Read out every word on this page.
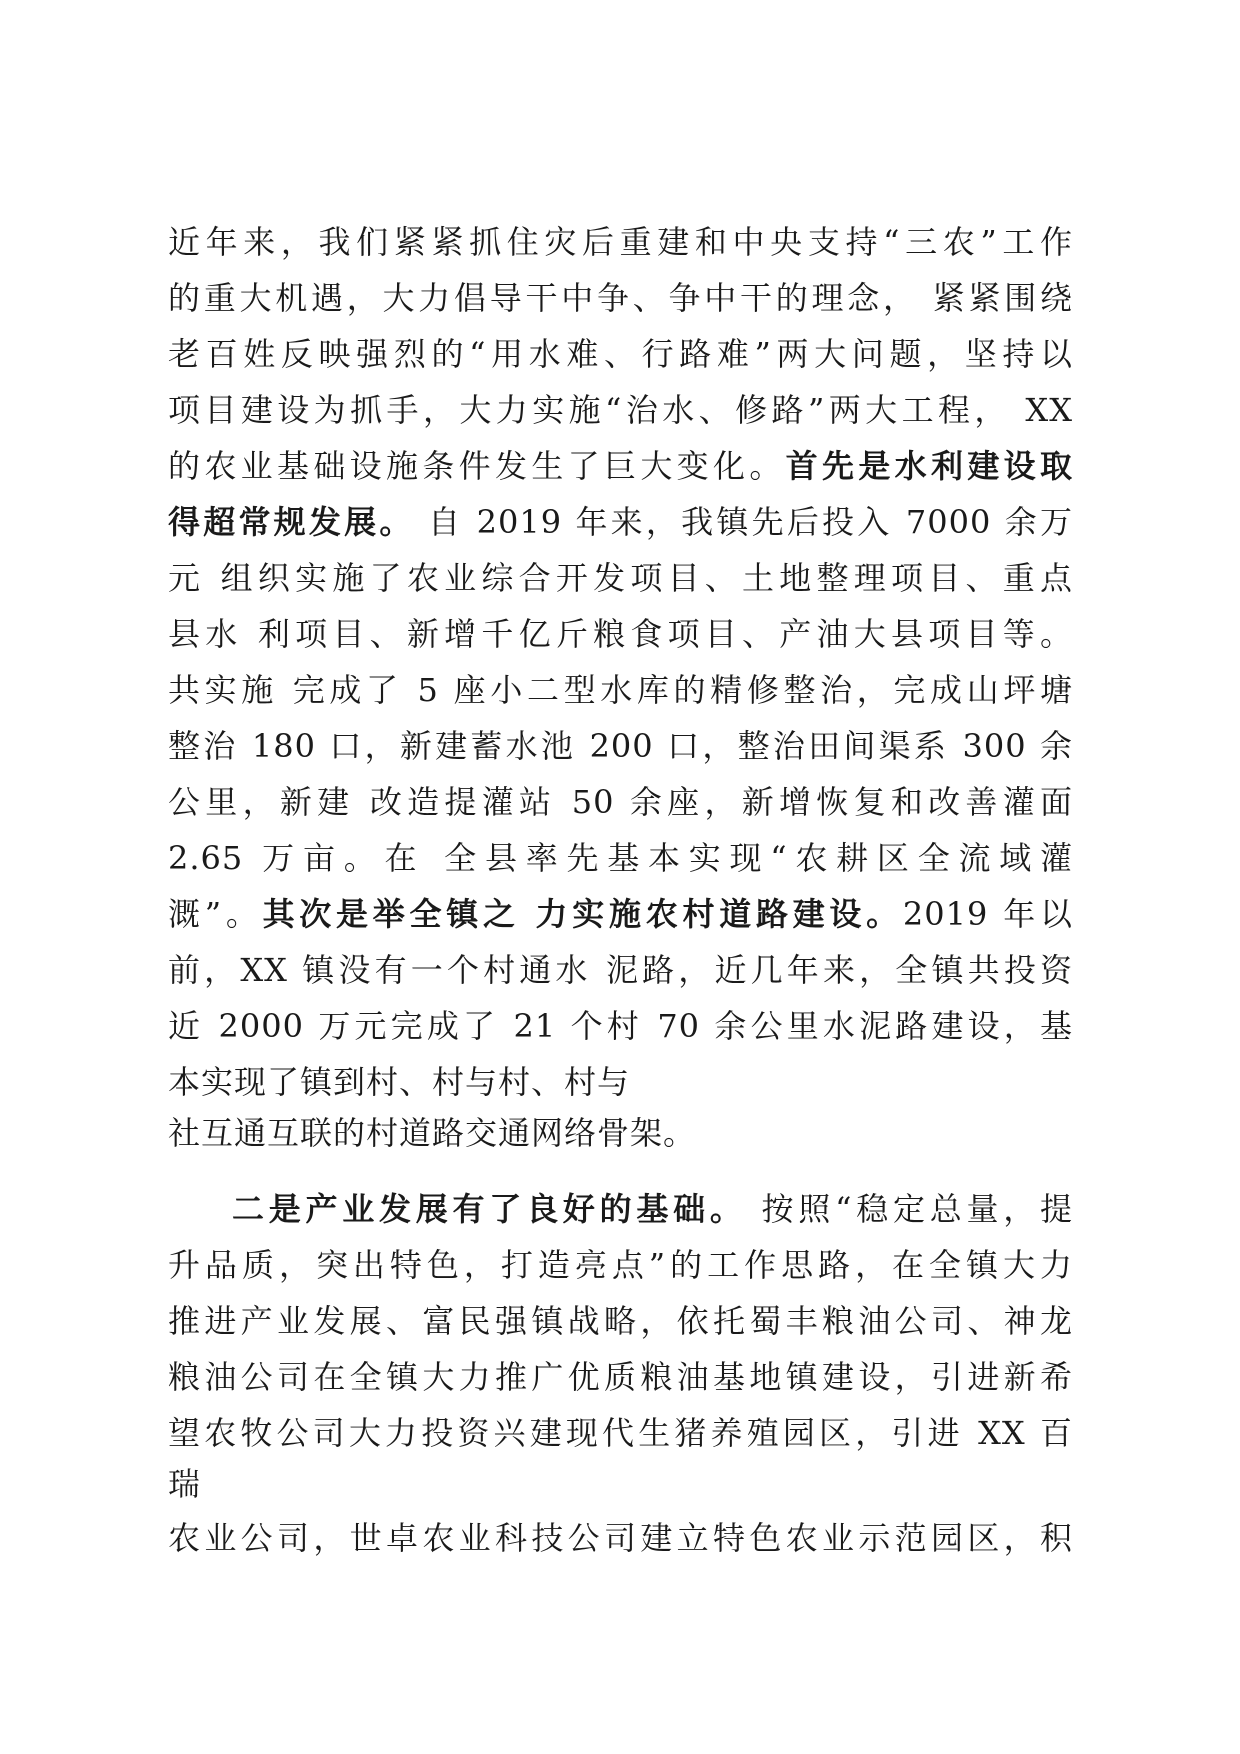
近年来，我们紧紧抓住灾后重建和中央支持“三农”工作
的重大机遇，大力倡导干中争、争中干的理念， 紧紧围绕
老百姓反映强烈的“用水难、行路难”两大问题，坚持以
项目建设为抓手，大力实施“治水、修路”两大工程， XX
的农业基础设施条件发生了巨大变化。首先是水利建设取
得超常规发展。 自 2019 年来，我镇先后投入 7000 余万
元 组织实施了农业综合开发项目、土地整理项目、重点
县水 利项目、新增千亿斤粮食项目、产油大县项目等。
共实施 完成了 5 座小二型水库的精修整治，完成山坪塘
整治 180 口，新建蓄水池 200 口，整治田间渠系 300 余
公里，新建 改造提灌站 50 余座，新增恢复和改善灌面
2.65 万亩。在 全县率先基本实现“农耕区全流域灌
溉”。其次是举全镇之 力实施农村道路建设。2019 年以
前，XX 镇没有一个村通水 泥路，近几年来，全镇共投资
近 2000 万元完成了 21 个村 70 余公里水泥路建设，基
本实现了镇到村、村与村、村与
社互通互联的村道路交通网络骨架。
二是产业发展有了良好的基础。 按照“稳定总量，提
升品质，突出特色，打造亮点”的工作思路，在全镇大力
推进产业发展、富民强镇战略，依托蜀丰粮油公司、神龙
粮油公司在全镇大力推广优质粮油基地镇建设，引进新希
望农牧公司大力投资兴建现代生猪养殖园区，引进 XX 百
瑞
农业公司，世卓农业科技公司建立特色农业示范园区，积
